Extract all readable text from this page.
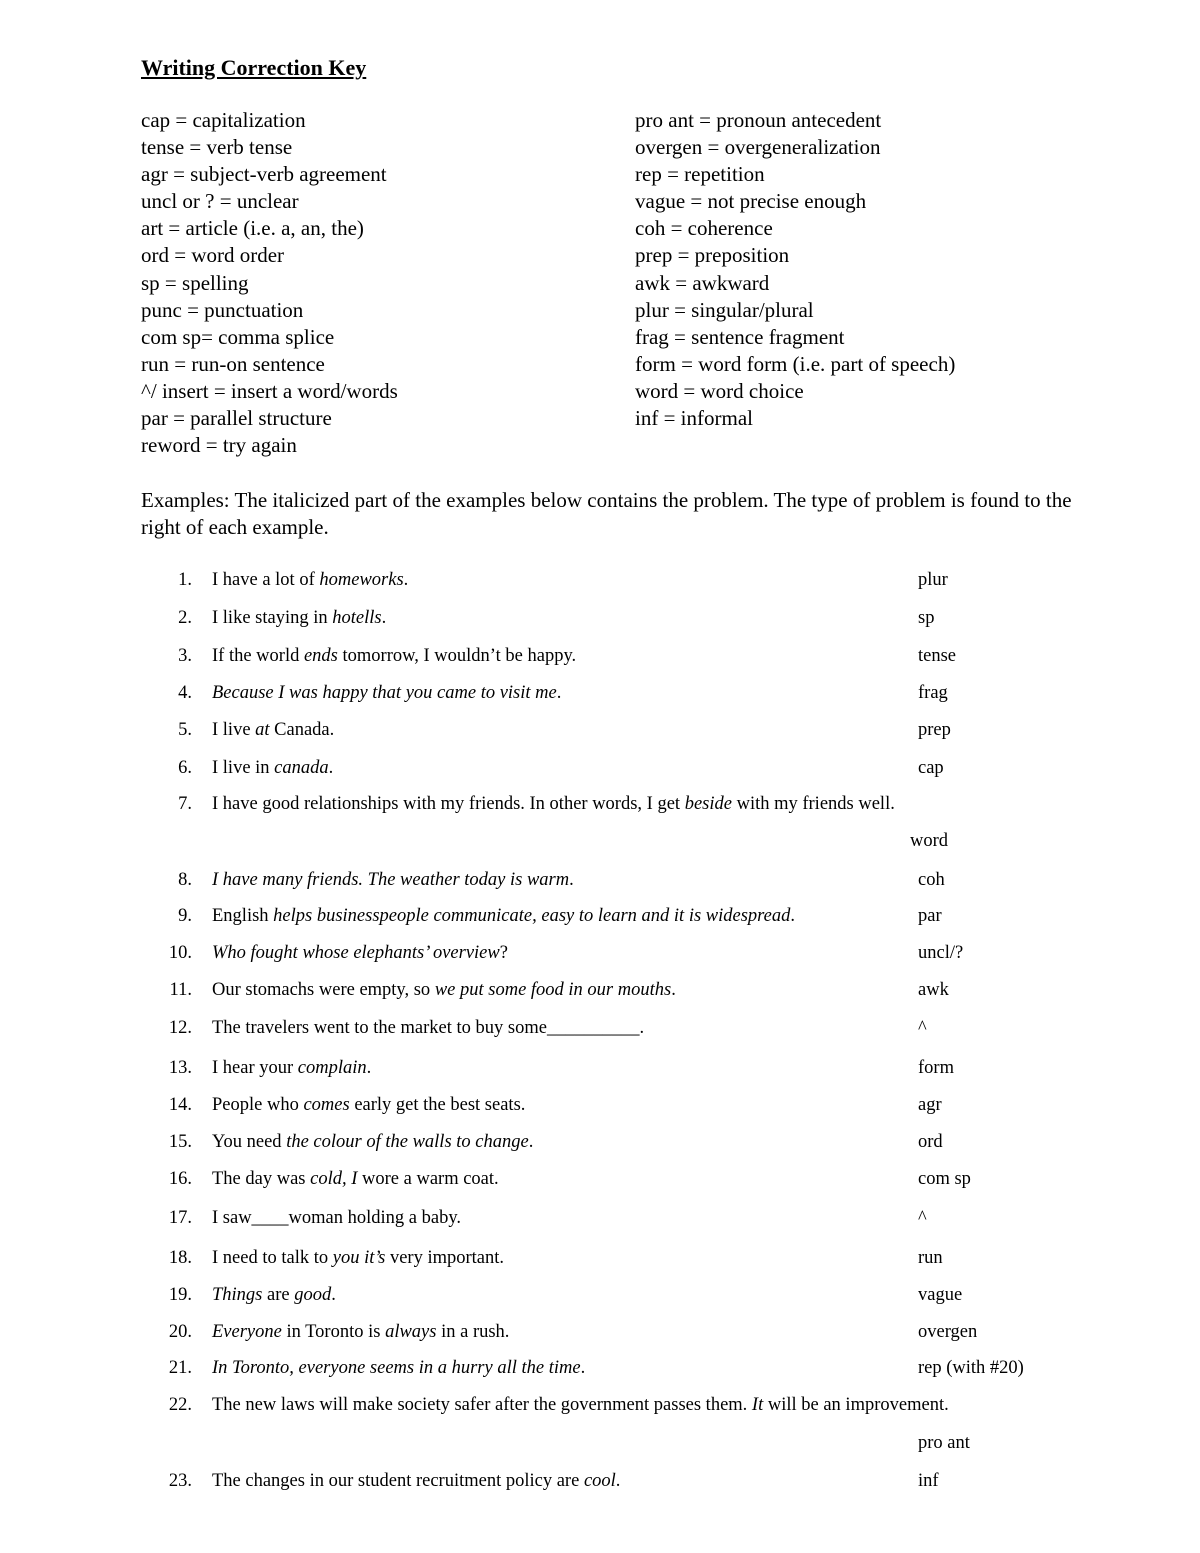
Writing Correction Key
cap = capitalization
tense = verb tense
agr = subject-verb agreement
uncl or ? = unclear
art = article (i.e. a, an, the)
ord = word order
sp = spelling
punc = punctuation
com sp= comma splice
run = run-on sentence
^/ insert = insert a word/words
par = parallel structure
reword = try again
pro ant = pronoun antecedent
overgen = overgeneralization
rep = repetition
vague = not precise enough
coh = coherence
prep = preposition
awk = awkward
plur = singular/plural
frag = sentence fragment
form = word form (i.e. part of speech)
word = word choice
inf = informal
Examples: The italicized part of the examples below contains the problem. The type of problem is found to the right of each example.
1. I have a lot of homeworks.	plur
2. I like staying in hotells.	sp
3. If the world ends tomorrow, I wouldn’t be happy.	tense
4. Because I was happy that you came to visit me.	frag
5. I live at Canada.	prep
6. I live in canada.	cap
7. I have good relationships with my friends. In other words, I get beside with my friends well.
word
8. I have many friends. The weather today is warm.	coh
9. English helps businesspeople communicate, easy to learn and it is widespread.	par
10. Who fought whose elephants’ overview?	uncl/?
11. Our stomachs were empty, so we put some food in our mouths.	awk
12. The travelers went to the market to buy some__________.	^
13. I hear your complain.	form
14. People who comes early get the best seats.	agr
15. You need the colour of the walls to change.	ord
16. The day was cold, I wore a warm coat.	com sp
17. I saw____woman holding a baby.	^
18. I need to talk to you it’s very important.	run
19. Things are good.	vague
20. Everyone in Toronto is always in a rush.	overgen
21. In Toronto, everyone seems in a hurry all the time.	rep (with #20)
22. The new laws will make society safer after the government passes them. It will be an improvement.
pro ant
23. The changes in our student recruitment policy are cool.	inf
